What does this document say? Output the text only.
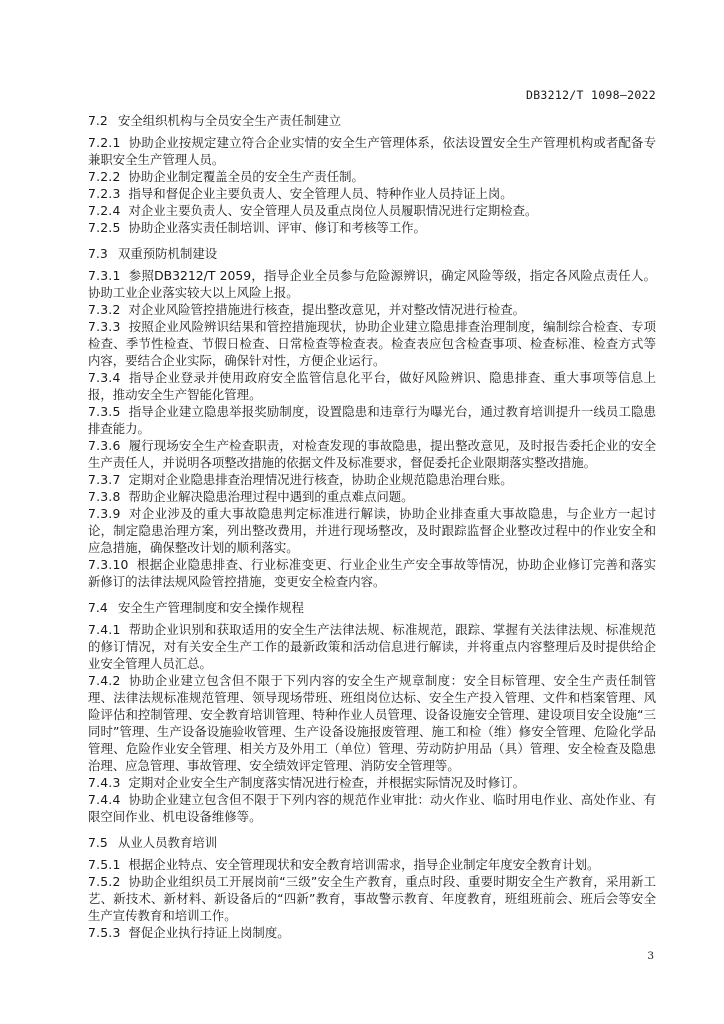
DB3212/T 1098—2022
7.2 安全组织机构与全员安全生产责任制建立

7.2.1 协助企业按规定建立符合企业实情的安全生产管理体系，依法设置安全生产管理机构或者配备专兼职安全生产管理人员。

7.2.2 协助企业制定覆盖全员的安全生产责任制。

7.2.3 指导和督促企业主要负责人、安全管理人员、特种作业人员持证上岗。

7.2.4 对企业主要负责人、安全管理人员及重点岗位人员履职情况进行定期检查。

7.2.5 协助企业落实责任制培训、评审、修订和考核等工作。

7.3 双重预防机制建设

7.3.1 参照DB3212/T 2059，指导企业全员参与危险源辨识，确定风险等级，指定各风险点责任人。协助工业企业落实较大以上风险上报。

7.3.2 对企业风险管控措施进行核查，提出整改意见，并对整改情况进行检查。

7.3.3 按照企业风险辨识结果和管控措施现状，协助企业建立隐患排查治理制度，编制综合检查、专项检查、季节性检查、节假日检查、日常检查等检查表。检查表应包含检查事项、检查标准、检查方式等内容，要结合企业实际，确保针对性，方便企业运行。

7.3.4 指导企业登录并使用政府安全监管信息化平台，做好风险辨识、隐患排查、重大事项等信息上报，推动安全生产智能化管理。

7.3.5 指导企业建立隐患举报奖励制度，设置隐患和违章行为曝光台，通过教育培训提升一线员工隐患排查能力。

7.3.6 履行现场安全生产检查职责，对检查发现的事故隐患，提出整改意见，及时报告委托企业的安全生产责任人，并说明各项整改措施的依据文件及标准要求，督促委托企业限期落实整改措施。

7.3.7 定期对企业隐患排查治理情况进行核查，协助企业规范隐患治理台账。

7.3.8 帮助企业解决隐患治理过程中遇到的重点难点问题。

7.3.9 对企业涉及的重大事故隐患判定标准进行解读，协助企业排查重大事故隐患，与企业方一起讨论，制定隐患治理方案，列出整改费用，并进行现场整改，及时跟踪监督企业整改过程中的作业安全和应急措施，确保整改计划的顺利落实。

7.3.10 根据企业隐患排查、行业标准变更、行业企业生产安全事故等情况，协助企业修订完善和落实新修订的法律法规风险管控措施，变更安全检查内容。

7.4 安全生产管理制度和安全操作规程

7.4.1 帮助企业识别和获取适用的安全生产法律法规、标准规范，跟踪、掌握有关法律法规、标准规范的修订情况，对有关安全生产工作的最新政策和活动信息进行解读，并将重点内容整理后及时提供给企业安全管理人员汇总。

7.4.2 协助企业建立包含但不限于下列内容的安全生产规章制度：安全目标管理、安全生产责任制管理、法律法规标准规范管理、领导现场带班、班组岗位达标、安全生产投入管理、文件和档案管理、风险评估和控制管理、安全教育培训管理、特种作业人员管理、设备设施安全管理、建设项目安全设施“三同时”管理、生产设备设施验收管理、生产设备设施报废管理、施工和检（维）修安全管理、危险化学品管理、危险作业安全管理、相关方及外用工（单位）管理、劳动防护用品（具）管理、安全检查及隐患治理、应急管理、事故管理、安全绩效评定管理、消防安全管理等。

7.4.3 定期对企业安全生产制度落实情况进行检查，并根据实际情况及时修订。

7.4.4 协助企业建立包含但不限于下列内容的规范作业审批：动火作业、临时用电作业、高处作业、有限空间作业、机电设备维修等。

7.5 从业人员教育培训

7.5.1 根据企业特点、安全管理现状和安全教育培训需求，指导企业制定年度安全教育计划。

7.5.2 协助企业组织员工开展岗前“三级”安全生产教育，重点时段、重要时期安全生产教育，采用新工艺、新技术、新材料、新设备后的“四新”教育，事故警示教育、年度教育，班组班前会、班后会等安全生产宣传教育和培训工作。

7.5.3 督促企业执行持证上岗制度。

3
